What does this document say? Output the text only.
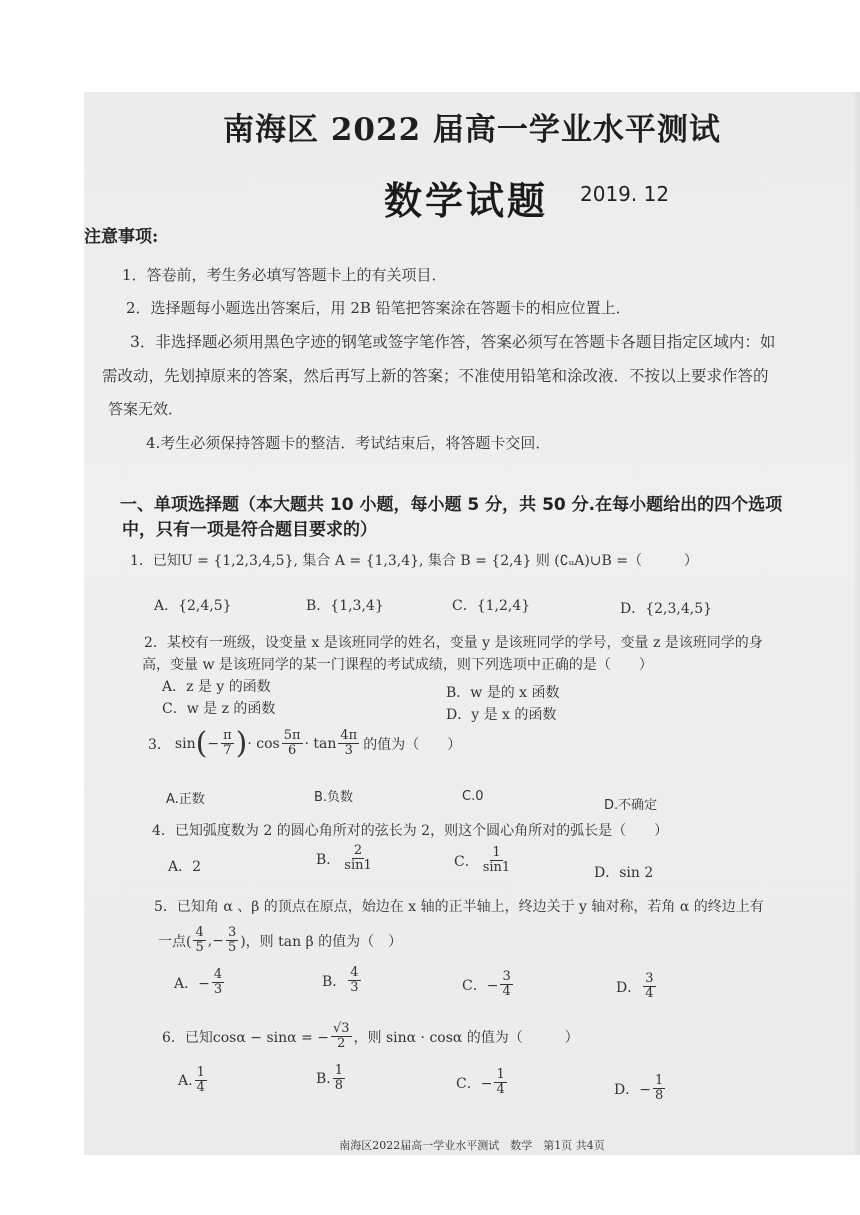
南海区 2022 届高一学业水平测试
数学试题 2019. 12
注意事项:
1．答卷前，考生务必填写答题卡上的有关项目．
2．选择题每小题选出答案后，用 2B 铅笔把答案涂在答题卡的相应位置上．
3．非选择题必须用黑色字迹的钢笔或签字笔作答，答案必须写在答题卡各题目指定区域内：如
需改动，先划掉原来的答案，然后再写上新的答案；不准使用铅笔和涂改液．不按以上要求作答的
答案无效．
4.考生必须保持答题卡的整洁．考试结束后，将答题卡交回．
一、单项选择题（本大题共 10 小题，每小题 5 分，共 50 分.在每小题给出的四个选项
中，只有一项是符合题目要求的）
1．已知U = {1,2,3,4,5}, 集合 A = {1,3,4}, 集合 B = {2,4} 则 (∁ᵤA)∪B =（　　　）
A．{2,4,5}	B．{1,3,4}	C．{1,2,4}	D．{2,3,4,5}
2．某校有一班级，设变量 x 是该班同学的姓名，变量 y 是该班同学的学号，变量 z 是该班同学的身
高，变量 w 是该班同学的某一门课程的考试成绩，则下列选项中正确的是（　　）
A．z 是 y 的函数	B．w 是的 x 函数
C．w 是 z 的函数	D．y 是 x 的函数
3． sin ( − $\frac{\pi}{7}$ ) · $\cos \frac{5\pi}{6} \cdot \tan \frac{4\pi}{3}$ 的值为（　　）
A.正数	B.负数	C.0
D.不确定
4．已知弧度数为 2 的圆心角所对的弦长为 2，则这个圆心角所对的弧长是（　　）
A．2	B． $\frac{2}{\sin 1}$	C． $\frac{1}{\sin 1}$	D．sin 2
5．已知角 α 、β 的顶点在原点，始边在 x 轴的正半轴上，终边关于 y 轴对称，若角 α 的终边上有
一点( $\frac{4}{5}$ ,− $\frac{3}{5}$ )，则 tan β 的值为（　）
A．− $\frac{4}{3}$	B． $\frac{4}{3}$	C．− $\frac{3}{4}$	D． $\frac{3}{4}$
6．已知cosα − sinα = − $\frac{√3}{2}$ ，则 sinα · cosα 的值为（　　　）
A. $\frac{1}{4}$	B. $\frac{1}{8}$	C．− $\frac{1}{4}$	D．− $\frac{1}{8}$
南海区2022届高一学业水平测试　数学　第1页 共4页
